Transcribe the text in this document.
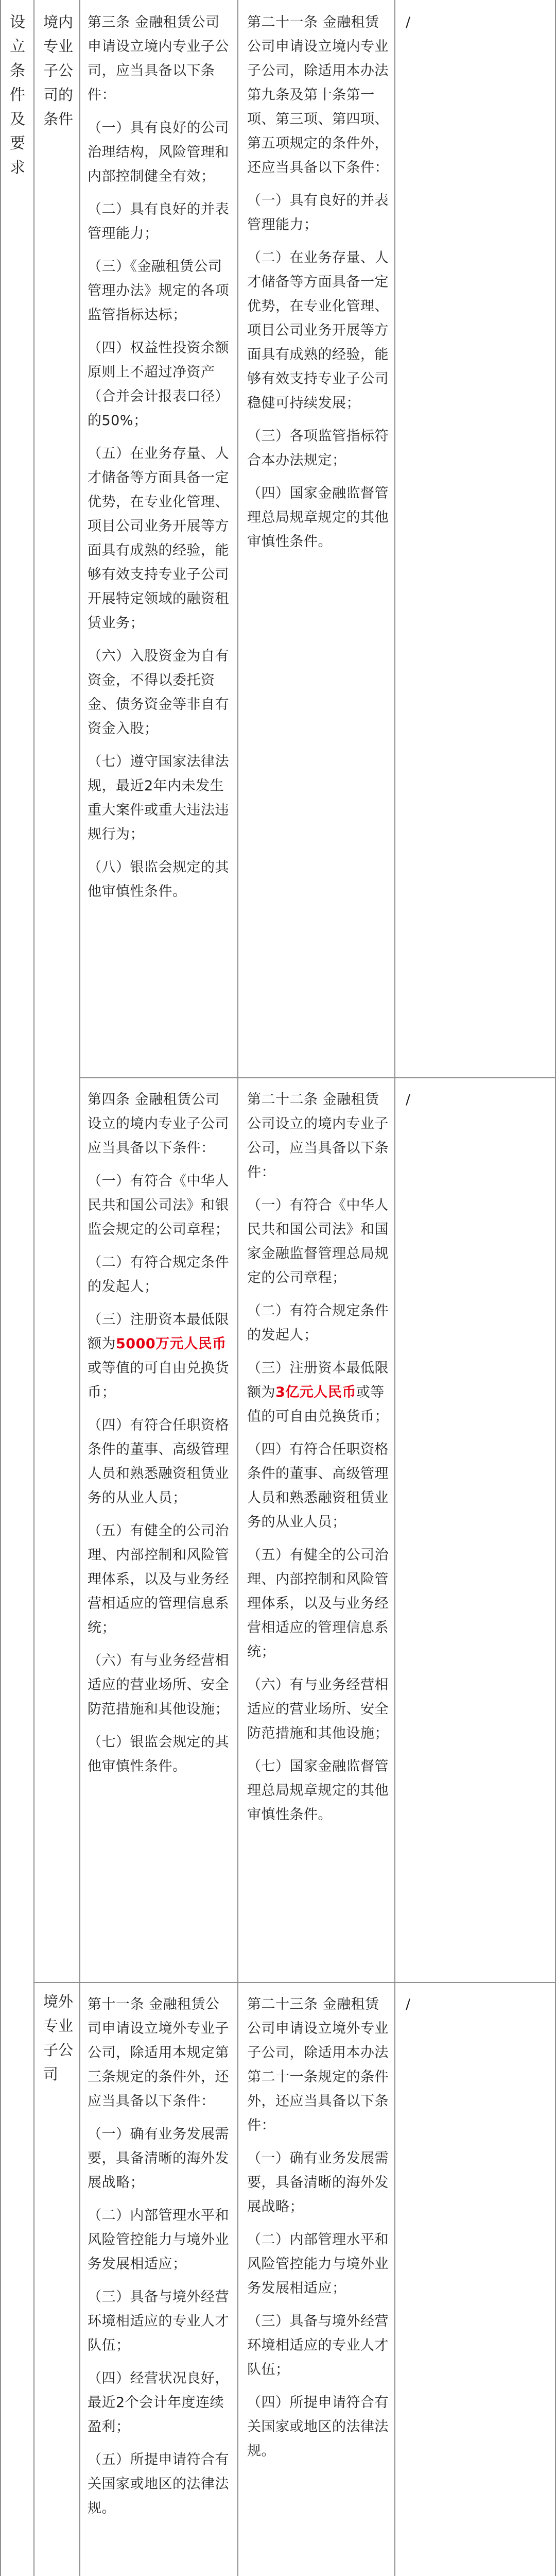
设立条件及要求
境内专业子公司的条件
境外专业子公司

第三条 金融租赁公司申请设立境内专业子公司，应当具备以下条件：

（一）具有良好的公司治理结构，风险管理和内部控制健全有效；

（二）具有良好的并表管理能力；

（三）《金融租赁公司管理办法》规定的各项监管指标达标；

（四）权益性投资余额原则上不超过净资产（合并会计报表口径）的50%；

（五）在业务存量、人才储备等方面具备一定优势，在专业化管理、项目公司业务开展等方面具有成熟的经验，能够有效支持专业子公司开展特定领域的融资租赁业务；

（六）入股资金为自有资金，不得以委托资金、债务资金等非自有资金入股；

（七）遵守国家法律法规，最近2年内未发生重大案件或重大违法违规行为；

（八）银监会规定的其他审慎性条件。

第二十一条 金融租赁公司申请设立境内专业子公司，除适用本办法第九条及第十条第一项、第三项、第四项、第五项规定的条件外，还应当具备以下条件：

（一）具有良好的并表管理能力；

（二）在业务存量、人才储备等方面具备一定优势，在专业化管理、项目公司业务开展等方面具有成熟的经验，能够有效支持专业子公司稳健可持续发展；

（三）各项监管指标符合本办法规定；

（四）国家金融监督管理总局规章规定的其他审慎性条件。

/

第四条 金融租赁公司设立的境内专业子公司应当具备以下条件：

（一）有符合《中华人民共和国公司法》和银监会规定的公司章程；

（二）有符合规定条件的发起人；

（三）注册资本最低限额为5000万元人民币或等值的可自由兑换货币；

（四）有符合任职资格条件的董事、高级管理人员和熟悉融资租赁业务的从业人员；

（五）有健全的公司治理、内部控制和风险管理体系，以及与业务经营相适应的管理信息系统；

（六）有与业务经营相适应的营业场所、安全防范措施和其他设施；

（七）银监会规定的其他审慎性条件。

第二十二条 金融租赁公司设立的境内专业子公司，应当具备以下条件：

（一）有符合《中华人民共和国公司法》和国家金融监督管理总局规定的公司章程；

（二）有符合规定条件的发起人；

（三）注册资本最低限额为3亿元人民币或等值的可自由兑换货币；

（四）有符合任职资格条件的董事、高级管理人员和熟悉融资租赁业务的从业人员；

（五）有健全的公司治理、内部控制和风险管理体系，以及与业务经营相适应的管理信息系统；

（六）有与业务经营相适应的营业场所、安全防范措施和其他设施；

（七）国家金融监督管理总局规章规定的其他审慎性条件。

/

第十一条 金融租赁公司申请设立境外专业子公司，除适用本规定第三条规定的条件外，还应当具备以下条件：

（一）确有业务发展需要，具备清晰的海外发展战略；

（二）内部管理水平和风险管控能力与境外业务发展相适应；

（三）具备与境外经营环境相适应的专业人才队伍；

（四）经营状况良好，最近2个会计年度连续盈利；

（五）所提申请符合有关国家或地区的法律法规。

第二十三条 金融租赁公司申请设立境外专业子公司，除适用本办法第二十一条规定的条件外，还应当具备以下条件：

（一）确有业务发展需要，具备清晰的海外发展战略；

（二）内部管理水平和风险管控能力与境外业务发展相适应；

（三）具备与境外经营环境相适应的专业人才队伍；

（四）所提申请符合有关国家或地区的法律法规。

/
